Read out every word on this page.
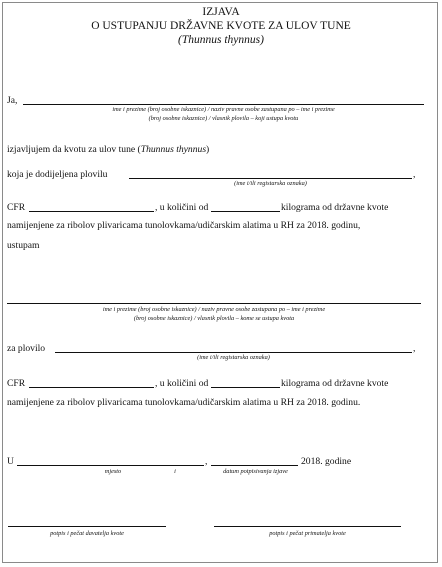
IZJAVA
O USTUPANJU DRŽAVNE KVOTE ZA ULOV TUNE
(Thunnus thynnus)
Ja,
ime i prezime (broj osobne iskaznice) / naziv pravne osobe zastupana po – ime i prezime
(broj osobne iskaznice) / vlasnik plovila – koji ustupa kvotu
izjavljujem da kvotu za ulov tune (Thunnus thynnus)
koja je dodijeljena plovilu	,
(ime i/ili registarska oznaka)
CFR	, u količini od	kilograma od državne kvote
namijenjene za ribolov plivaricama tunolovkama/udičarskim alatima u RH za 2018. godinu,
ustupam
ime i prezime (broj osobne iskaznice) / naziv pravne osobe zastupana po – ime i prezime
(broj osobne iskaznice) / vlasnik plovila – kome se ustupa kvota
za plovilo	,
(ime i/ili registarska oznaka)
CFR	, u količini od	kilograma od državne kvote
namijenjene za ribolov plivaricama tunolovkama/udičarskim alatima u RH za 2018. godinu.
U	,	2018. godine
mjesto	i	datum potpisivanja izjave
potpis i pečat davatelja kvote	potpis i pečat primatelja kvote
